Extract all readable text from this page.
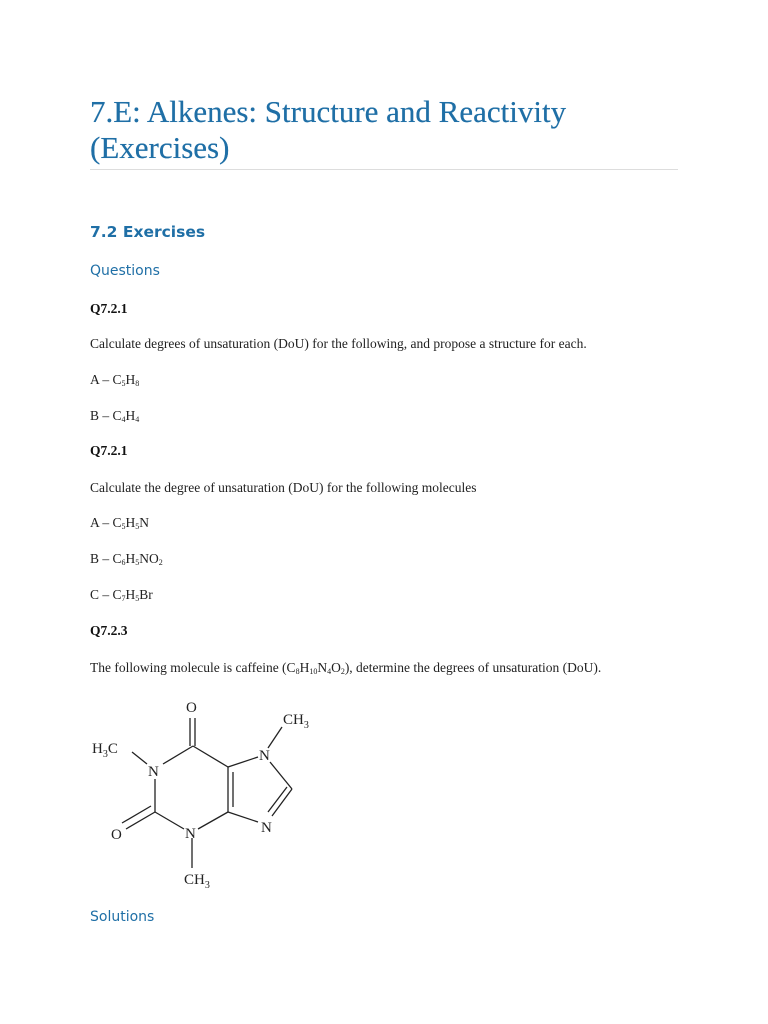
7.E: Alkenes: Structure and Reactivity (Exercises)
7.2 Exercises
Questions
Q7.2.1
Calculate degrees of unsaturation (DoU) for the following, and propose a structure for each.
A – $C_5H_8$
B – $C_4H_4$
Q7.2.1
Calculate the degree of unsaturation (DoU) for the following molecules
A – $C_5H_5N$
B – $C_6H_5NO_2$
C – $C_7H_5Br$
Q7.2.3
The following molecule is caffeine $(C_8H_{10}N_4O_2)$, determine the degrees of unsaturation (DoU).
Solutions
O
$CH_3$
$H_3C$
N
N
N
N
O
$CH_3$
